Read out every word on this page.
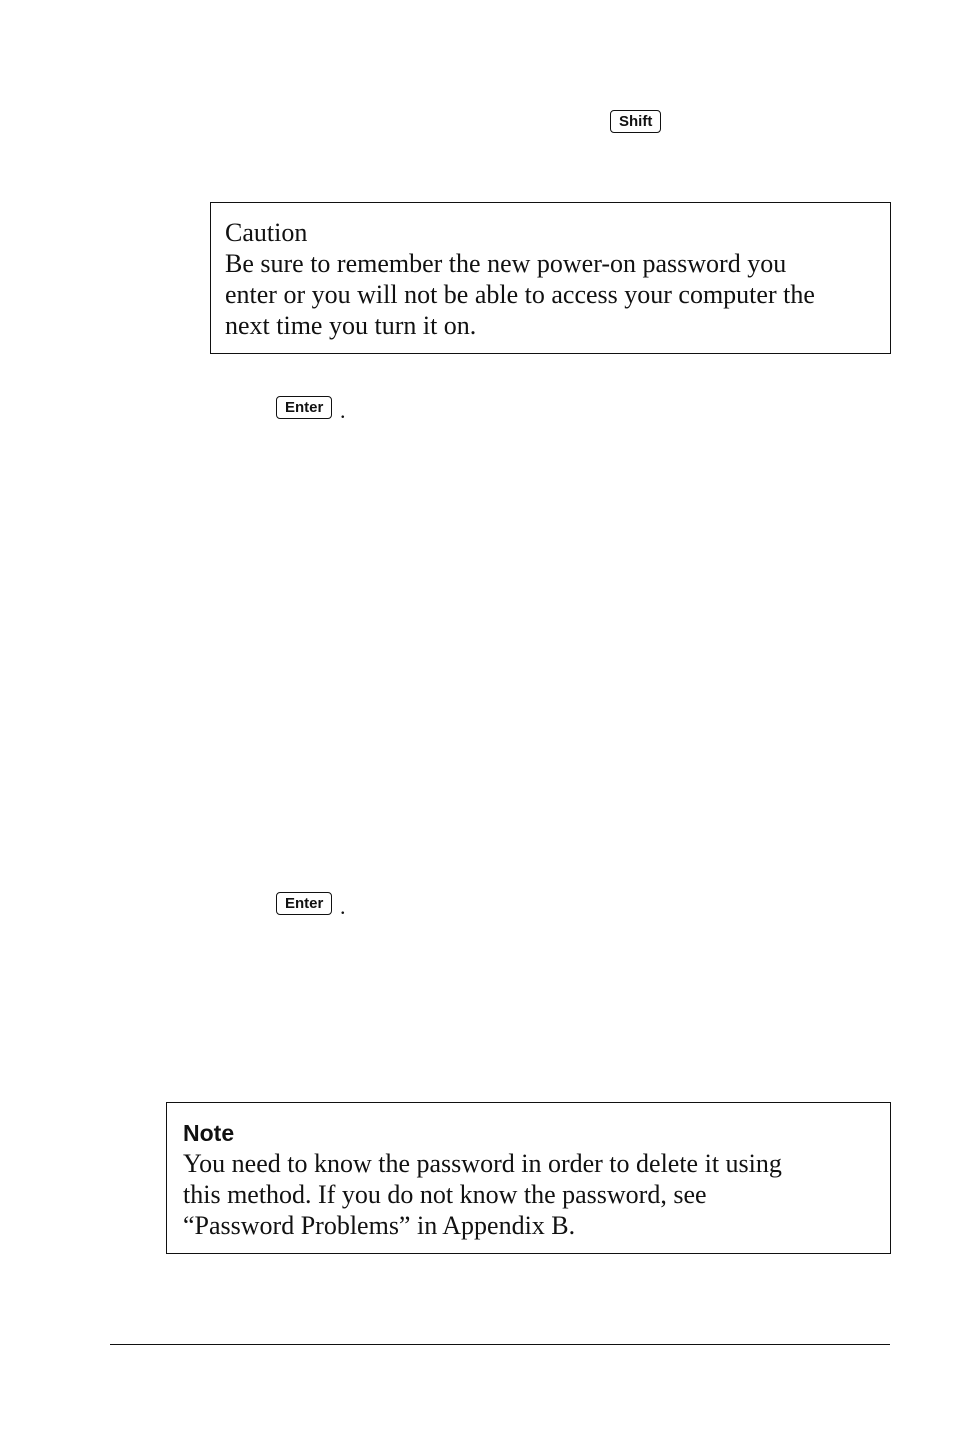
Shift

Caution

Be sure to remember the new power-on password you

enter or you will not be able to access your computer the

next time you turn it on.

Enter .
Enter .

Note

You need to know the password in order to delete it using

this method. If you do not know the password, see

“Password Problems” in Appendix B.
